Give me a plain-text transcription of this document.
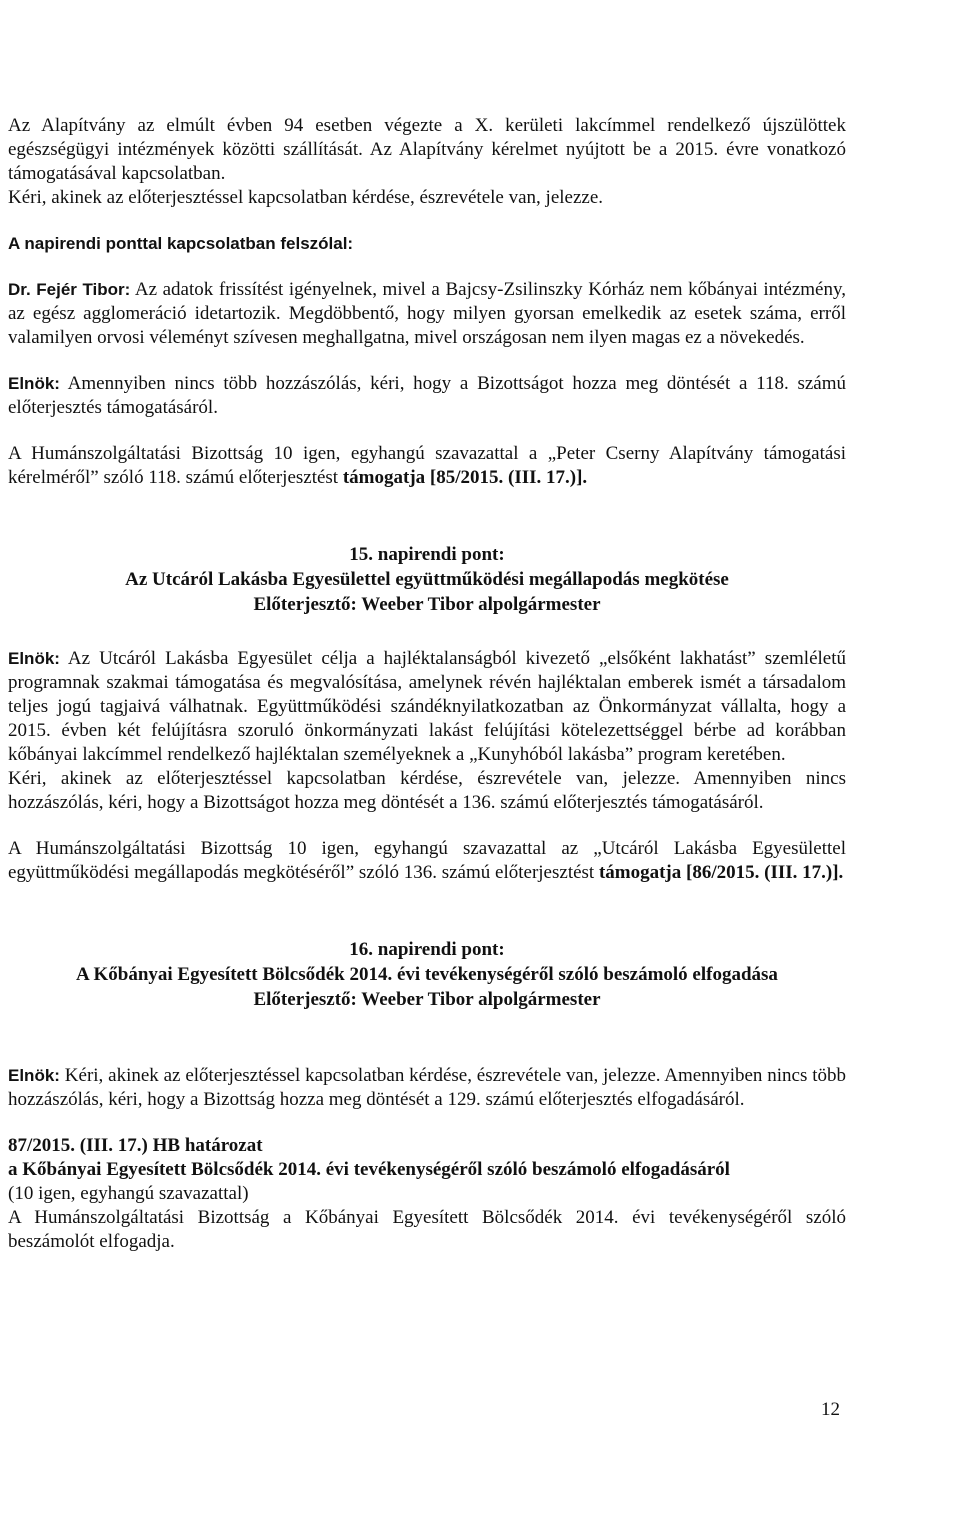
Az Alapítvány az elmúlt évben 94 esetben végezte a X. kerületi lakcímmel rendelkező újszülöttek egészségügyi intézmények közötti szállítását. Az Alapítvány kérelmet nyújtott be a 2015. évre vonatkozó támogatásával kapcsolatban.

Kéri, akinek az előterjesztéssel kapcsolatban kérdése, észrevétele van, jelezze.

A napirendi ponttal kapcsolatban felszólal:

Dr. Fejér Tibor: Az adatok frissítést igényelnek, mivel a Bajcsy-Zsilinszky Kórház nem kőbányai intézmény, az egész agglomeráció idetartozik. Megdöbbentő, hogy milyen gyorsan emelkedik az esetek száma, erről valamilyen orvosi véleményt szívesen meghallgatna, mivel országosan nem ilyen magas ez a növekedés.

Elnök: Amennyiben nincs több hozzászólás, kéri, hogy a Bizottságot hozza meg döntését a 118. számú előterjesztés támogatásáról.

A Humánszolgáltatási Bizottság 10 igen, egyhangú szavazattal a „Peter Cserny Alapítvány támogatási kérelméről” szóló 118. számú előterjesztést támogatja [85/2015. (III. 17.)].

15. napirendi pont:

Az Utcáról Lakásba Egyesülettel együttműködési megállapodás megkötése

Előterjesztő: Weeber Tibor alpolgármester

Elnök: Az Utcáról Lakásba Egyesület célja a hajléktalanságból kivezető „elsőként lakhatást” szemléletű programnak szakmai támogatása és megvalósítása, amelynek révén hajléktalan emberek ismét a társadalom teljes jogú tagjaivá válhatnak. Együttműködési szándéknyilatkozatban az Önkormányzat vállalta, hogy a 2015. évben két felújításra szoruló önkormányzati lakást felújítási kötelezettséggel bérbe ad korábban kőbányai lakcímmel rendelkező hajléktalan személyeknek a „Kunyhóból lakásba” program keretében.

Kéri, akinek az előterjesztéssel kapcsolatban kérdése, észrevétele van, jelezze. Amennyiben nincs hozzászólás, kéri, hogy a Bizottságot hozza meg döntését a 136. számú előterjesztés támogatásáról.

A Humánszolgáltatási Bizottság 10 igen, egyhangú szavazattal az „Utcáról Lakásba Egyesülettel együttműködési megállapodás megkötéséről” szóló 136. számú előterjesztést támogatja [86/2015. (III. 17.)].

16. napirendi pont:

A Kőbányai Egyesített Bölcsődék 2014. évi tevékenységéről szóló beszámoló elfogadása

Előterjesztő: Weeber Tibor alpolgármester

Elnök: Kéri, akinek az előterjesztéssel kapcsolatban kérdése, észrevétele van, jelezze. Amennyiben nincs több hozzászólás, kéri, hogy a Bizottság hozza meg döntését a 129. számú előterjesztés elfogadásáról.

87/2015. (III. 17.) HB határozat

a Kőbányai Egyesített Bölcsődék 2014. évi tevékenységéről szóló beszámoló elfogadásáról

(10 igen, egyhangú szavazattal)

A Humánszolgáltatási Bizottság a Kőbányai Egyesített Bölcsődék 2014. évi tevékenységéről szóló beszámolót elfogadja.

12
